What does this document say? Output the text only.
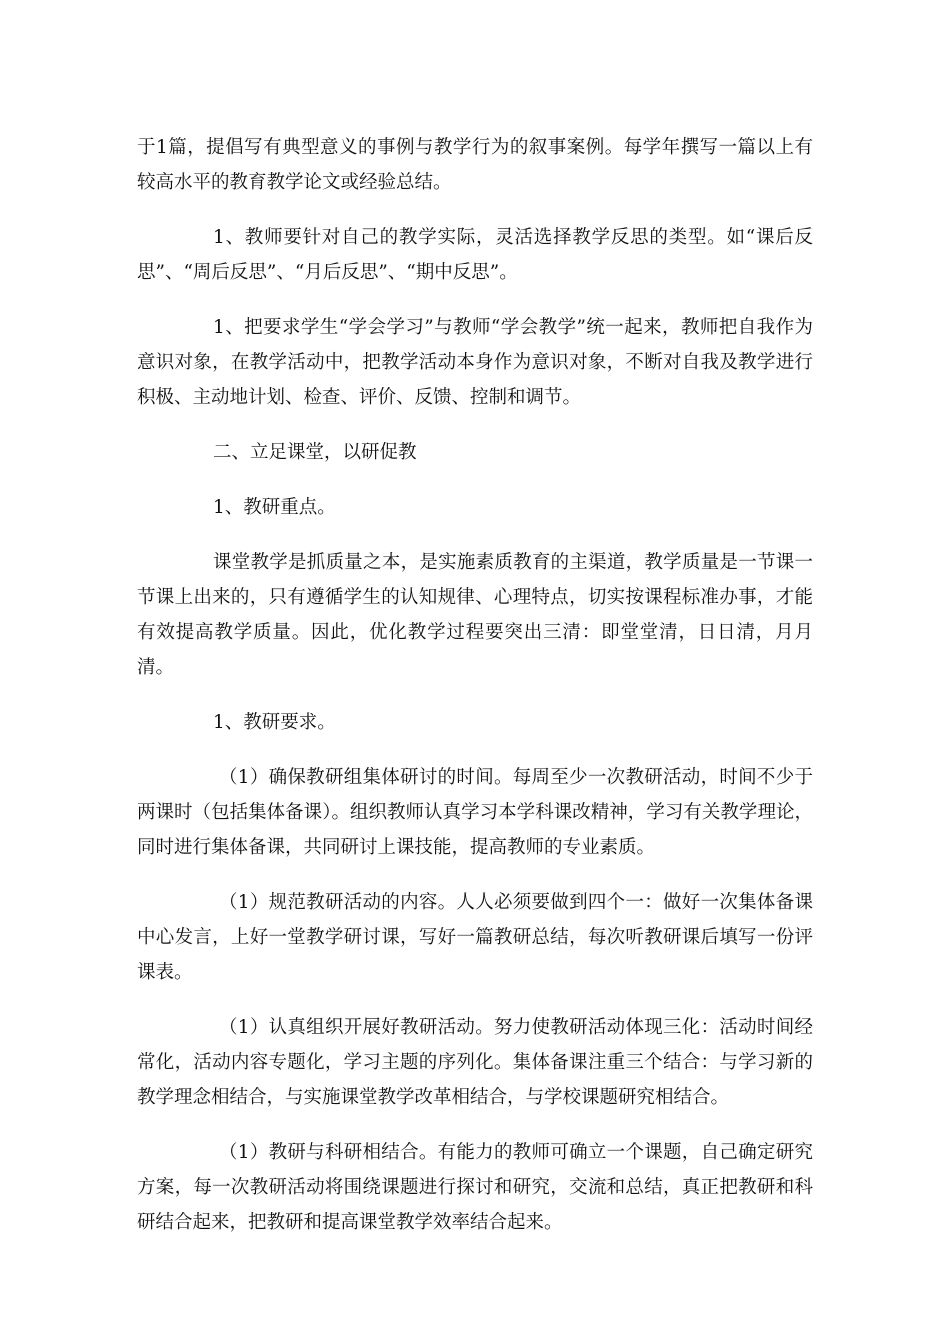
于1篇，提倡写有典型意义的事例与教学行为的叙事案例。每学年撰写一篇以上有较高水平的教育教学论文或经验总结。

1、教师要针对自己的教学实际，灵活选择教学反思的类型。如“课后反思”、“周后反思”、“月后反思”、“期中反思”。

1、把要求学生“学会学习”与教师“学会教学”统一起来，教师把自我作为意识对象，在教学活动中，把教学活动本身作为意识对象，不断对自我及教学进行积极、主动地计划、检查、评价、反馈、控制和调节。

二、立足课堂，以研促教

1、教研重点。

课堂教学是抓质量之本，是实施素质教育的主渠道，教学质量是一节课一节课上出来的，只有遵循学生的认知规律、心理特点，切实按课程标准办事，才能有效提高教学质量。因此，优化教学过程要突出三清：即堂堂清，日日清，月月清。

1、教研要求。

（1）确保教研组集体研讨的时间。每周至少一次教研活动，时间不少于两课时（包括集体备课）。组织教师认真学习本学科课改精神，学习有关教学理论，同时进行集体备课，共同研讨上课技能，提高教师的专业素质。

（1）规范教研活动的内容。人人必须要做到四个一：做好一次集体备课中心发言，上好一堂教学研讨课，写好一篇教研总结，每次听教研课后填写一份评课表。

（1）认真组织开展好教研活动。努力使教研活动体现三化：活动时间经常化，活动内容专题化，学习主题的序列化。集体备课注重三个结合：与学习新的教学理念相结合，与实施课堂教学改革相结合，与学校课题研究相结合。

（1）教研与科研相结合。有能力的教师可确立一个课题，自己确定研究方案，每一次教研活动将围绕课题进行探讨和研究，交流和总结，真正把教研和科研结合起来，把教研和提高课堂教学效率结合起来。
